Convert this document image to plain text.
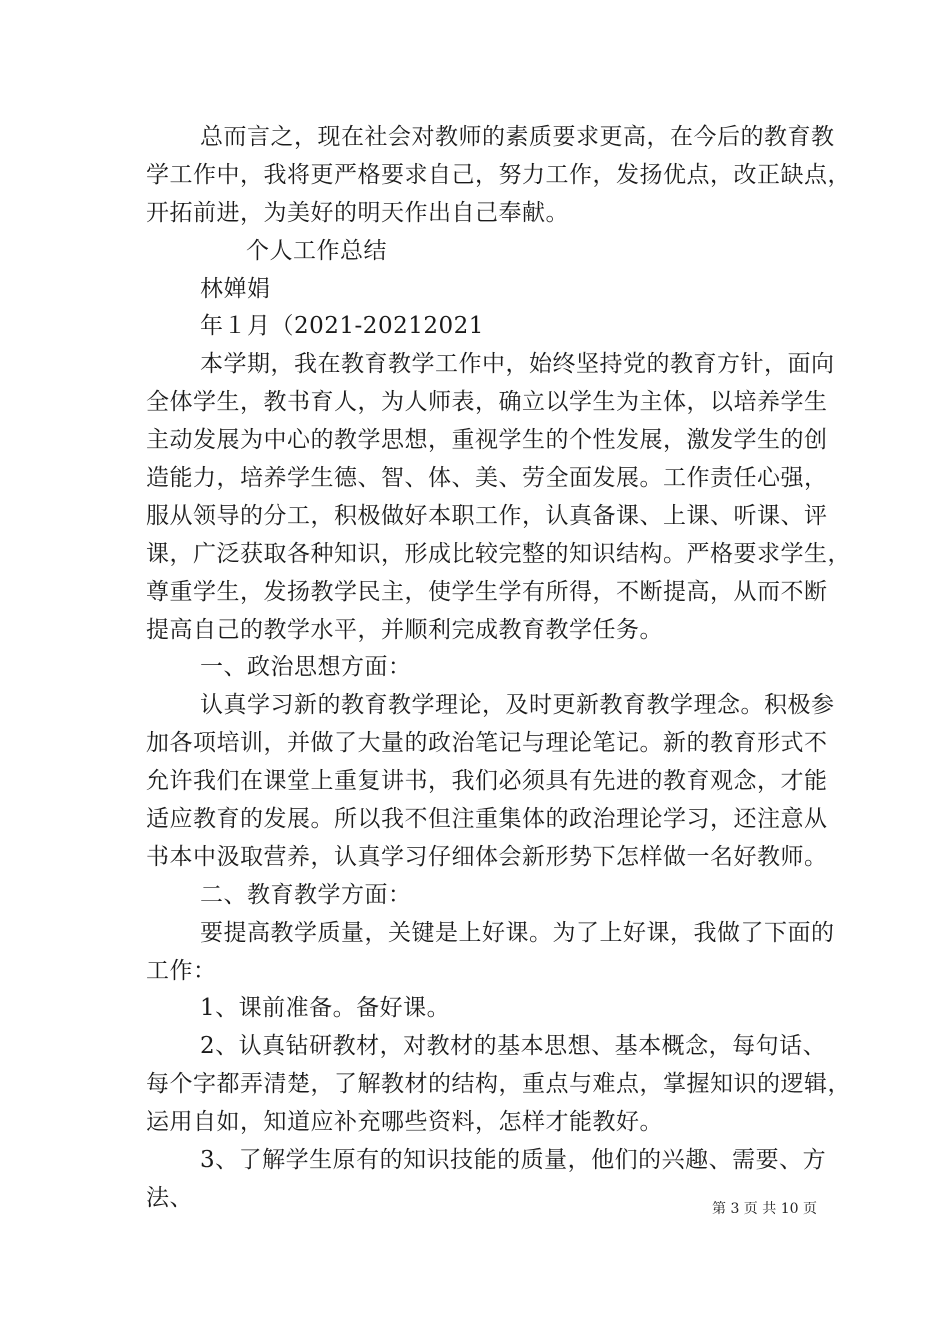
总而言之，现在社会对教师的素质要求更高，在今后的教育教
学工作中，我将更严格要求自己，努力工作，发扬优点，改正缺点，
开拓前进，为美好的明天作出自己奉献。
个人工作总结
林婵娟
年１月（2021-20212021
本学期，我在教育教学工作中，始终坚持党的教育方针，面向
全体学生，教书育人，为人师表，确立以学生为主体，以培养学生
主动发展为中心的教学思想，重视学生的个性发展，激发学生的创
造能力，培养学生德、智、体、美、劳全面发展。工作责任心强，
服从领导的分工，积极做好本职工作，认真备课、上课、听课、评
课，广泛获取各种知识，形成比较完整的知识结构。严格要求学生，
尊重学生，发扬教学民主，使学生学有所得，不断提高，从而不断
提高自己的教学水平，并顺利完成教育教学任务。
一、政治思想方面：
认真学习新的教育教学理论，及时更新教育教学理念。积极参
加各项培训，并做了大量的政治笔记与理论笔记。新的教育形式不
允许我们在课堂上重复讲书，我们必须具有先进的教育观念，才能
适应教育的发展。所以我不但注重集体的政治理论学习，还注意从
书本中汲取营养，认真学习仔细体会新形势下怎样做一名好教师。
二、教育教学方面：
要提高教学质量，关键是上好课。为了上好课，我做了下面的
工作：
1、课前准备。备好课。
2、认真钻研教材，对教材的基本思想、基本概念，每句话、
每个字都弄清楚，了解教材的结构，重点与难点，掌握知识的逻辑，
运用自如，知道应补充哪些资料，怎样才能教好。
3、了解学生原有的知识技能的质量，他们的兴趣、需要、方
法、	第 3 页 共 10 页
